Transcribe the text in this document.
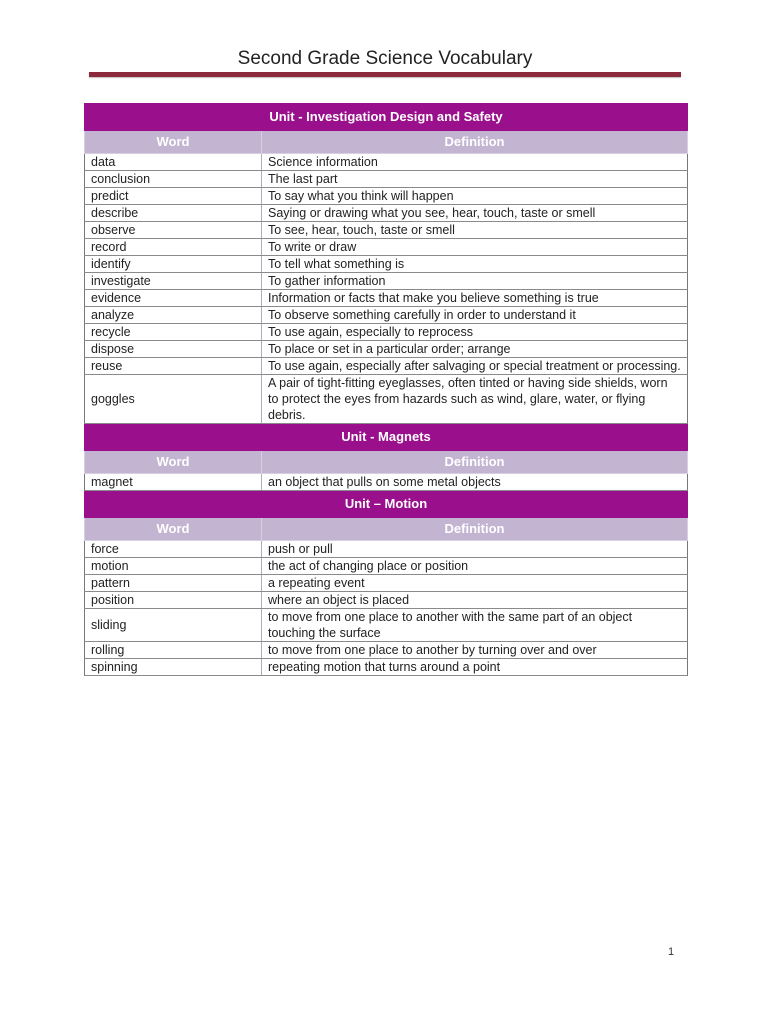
Second Grade Science Vocabulary
Unit - Investigation Design and Safety	
Word	Definition
data	Science information
conclusion	The last part
predict	To say what you think will happen
describe	Saying or drawing what you see, hear, touch, taste or smell
observe	To see, hear, touch, taste or smell
record	To write or draw
identify	To tell what something is
investigate	To gather information
evidence	Information or facts that make you believe something is true
analyze	To observe something carefully in order to understand it
recycle	To use again, especially to reprocess
dispose	To place or set in a particular order; arrange
reuse	To use again, especially after salvaging or special treatment or processing.
goggles	A pair of tight-fitting eyeglasses, often tinted or having side shields, worn to protect the eyes from hazards such as wind, glare, water, or flying debris.
Unit - Magnets	
Word	Definition
magnet	an object that pulls on some metal objects
Unit – Motion	
Word	Definition
force	push or pull
motion	the act of changing place or position
pattern	a repeating event
position	where an object is placed
sliding	to move from one place to another with the same part of an object touching the surface
rolling	to move from one place to another by turning over and over
spinning	repeating motion that turns around a point
1
